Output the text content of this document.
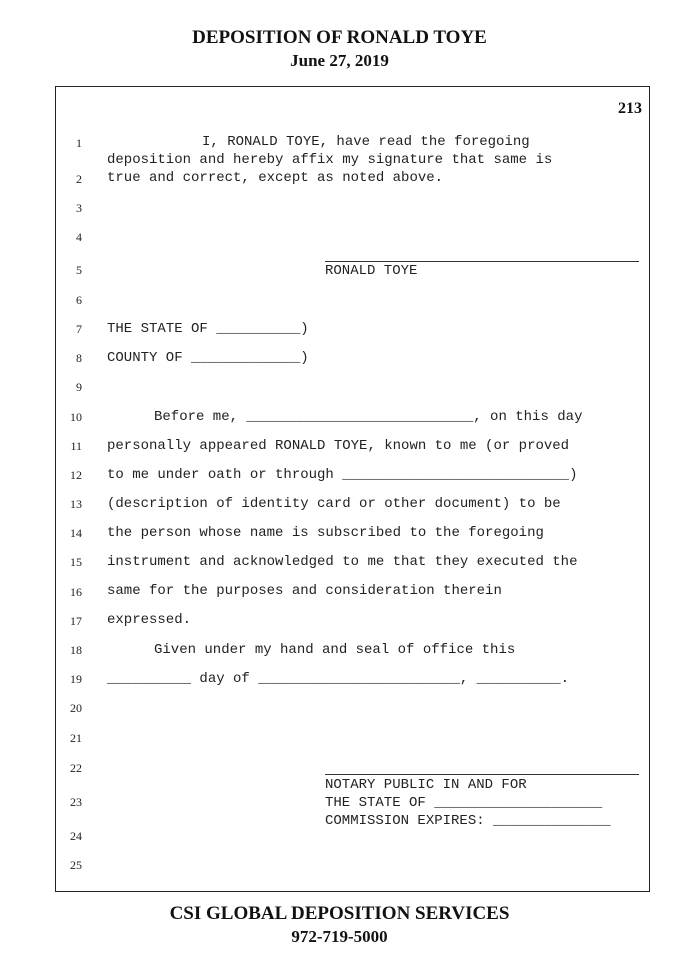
DEPOSITION OF RONALD TOYE
June 27, 2019
213
1
2
3
4
5
6
7
8
9
10
11
12
13
14
15
16
17
18
19
20
21
22
23
24
25
I, RONALD TOYE, have read the foregoing
deposition and hereby affix my signature that same is
true and correct, except as noted above.
RONALD TOYE
THE STATE OF __________)
COUNTY OF _____________)
Before me, ___________________________, on this day
personally appeared RONALD TOYE, known to me (or proved
to me under oath or through ___________________________)
(description of identity card or other document) to be
the person whose name is subscribed to the foregoing
instrument and acknowledged to me that they executed the
same for the purposes and consideration therein
expressed.
Given under my hand and seal of office this
__________ day of ________________________, __________.
NOTARY PUBLIC IN AND FOR
THE STATE OF ____________________
COMMISSION EXPIRES: ______________
CSI GLOBAL DEPOSITION SERVICES
972-719-5000
